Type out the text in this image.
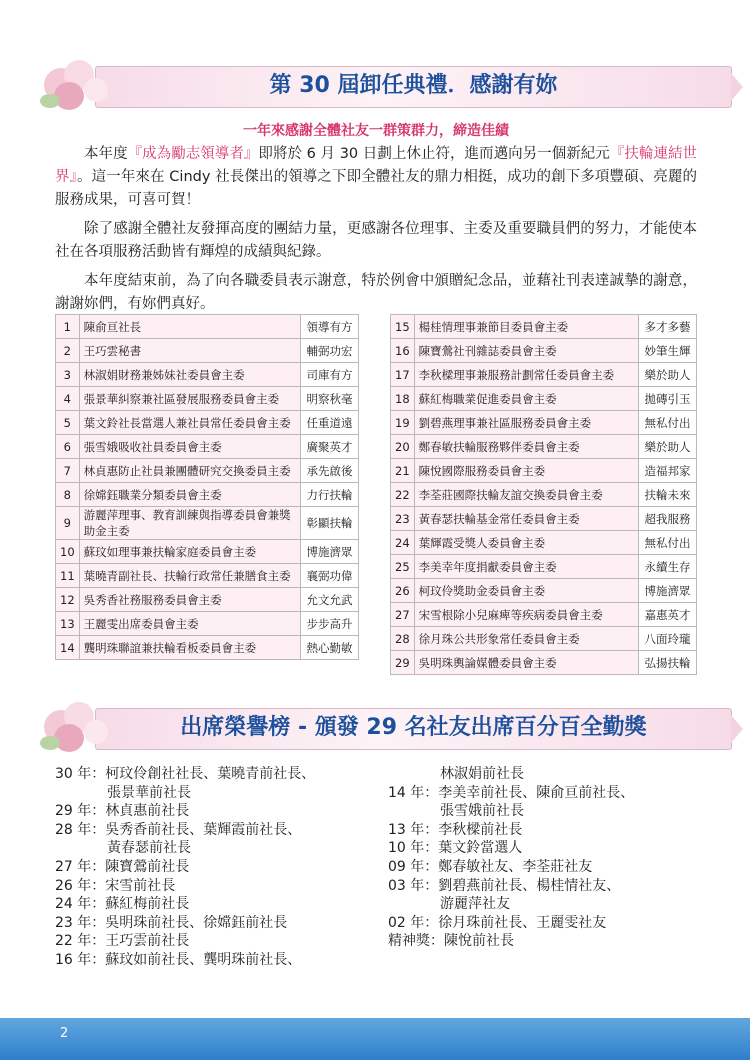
第 30 屆卸任典禮．感謝有妳
一年來感謝全體社友一群策群力，締造佳績

本年度『成為勵志領導者』即將於 6 月 30 日劃上休止符，進而邁向另一個新紀元『扶輪連結世界』。這一年來在 Cindy 社長傑出的領導之下即全體社友的鼎力相挺，成功的創下多項豐碩、亮麗的服務成果，可喜可賀！

除了感謝全體社友發揮高度的團結力量，更感謝各位理事、主委及重要職員們的努力，才能使本社在各項服務活動皆有輝煌的成績與紀錄。

本年度結束前，為了向各職委員表示謝意，特於例會中頒贈紀念品，並藉社刊表達誠摯的謝意，謝謝妳們，有妳們真好。

1	陳俞亘社長	領導有方
2	王巧雲秘書	輔弼功宏
3	林淑娟財務兼姊妹社委員會主委	司庫有方
4	張景華糾察兼社區發展服務委員會主委	明察秋毫
5	葉文鈴社長當選人兼社員常任委員會主委	任重道遠
6	張雪娥吸收社員委員會主委	廣聚英才
7	林貞惠防止社員兼團體研究交換委員主委	承先啟後
8	徐嫦鈺職業分類委員會主委	力行扶輪
9	游麗萍理事、教育訓練與指導委員會兼獎助金主委	彰顯扶輪
10	蘇玟如理事兼扶輪家庭委員會主委	博施濟眾
11	葉曉青副社長、扶輪行政常任兼膳食主委	襄弼功偉
12	吳秀香社務服務委員會主委	允文允武
13	王麗雯出席委員會主委	步步高升
14	龔明珠聯誼兼扶輪看板委員會主委	熱心勤敏
15	楊桂情理事兼節目委員會主委	多才多藝
16	陳寶鶯社刊雜誌委員會主委	妙筆生輝
17	李秋樑理事兼服務計劃常任委員會主委	樂於助人
18	蘇紅梅職業促進委員會主委	拋磚引玉
19	劉碧燕理事兼社區服務委員會主委	無私付出
20	鄭春敏扶輪服務夥伴委員會主委	樂於助人
21	陳悅國際服務委員會主委	造福邦家
22	李荃莊國際扶輪友誼交換委員會主委	扶輪未來
23	黃春瑟扶輪基金常任委員會主委	超我服務
24	葉輝霞受獎人委員會主委	無私付出
25	李美幸年度捐獻委員會主委	永續生存
26	柯玟伶獎助金委員會主委	博施濟眾
27	宋雪根除小兒麻痺等疾病委員會主委	嘉惠英才
28	徐月珠公共形象常任委員會主委	八面玲瓏
29	吳明珠輿論媒體委員會主委	弘揚扶輪
出席榮譽榜 - 頒發 29 名社友出席百分百全勤獎
30 年：柯玟伶創社社長、葉曉青前社長、
張景華前社長
29 年：林貞惠前社長
28 年：吳秀香前社長、葉輝霞前社長、
黃春瑟前社長
27 年：陳寶鶯前社長
26 年：宋雪前社長
24 年：蘇紅梅前社長
23 年：吳明珠前社長、徐嫦鈺前社長
22 年：王巧雲前社長
16 年：蘇玟如前社長、龔明珠前社長、
林淑娟前社長
14 年：李美幸前社長、陳俞亘前社長、
張雪娥前社長
13 年：李秋樑前社長
10 年：葉文鈴當選人
09 年：鄭春敏社友、李荃莊社友
03 年：劉碧燕前社長、楊桂情社友、
游麗萍社友
02 年：徐月珠前社長、王麗雯社友
精神獎：陳悅前社長
2
